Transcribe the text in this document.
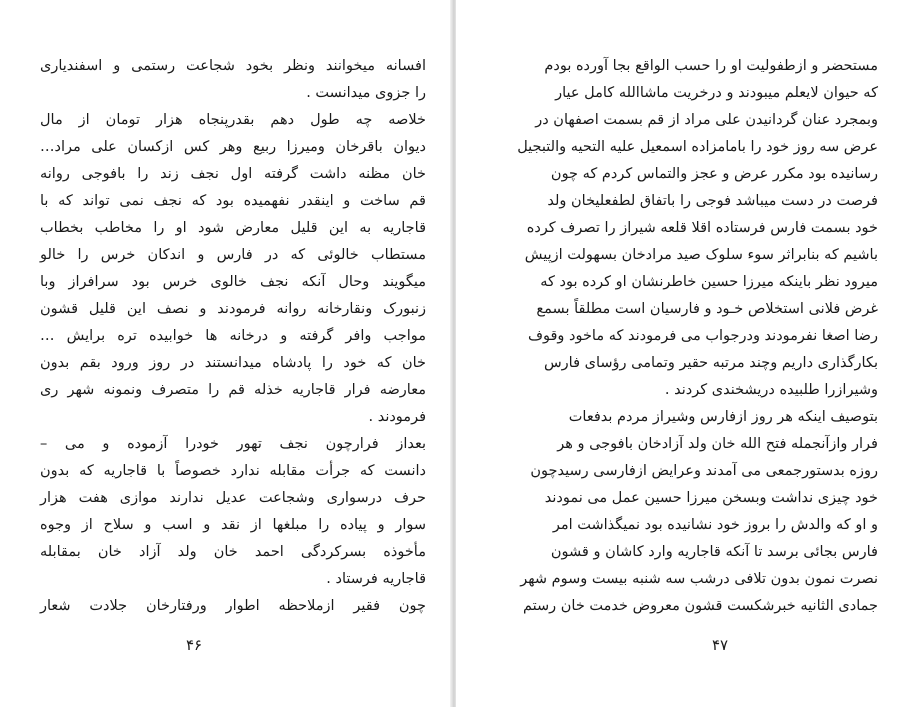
افسانه میخوانند ونظر بخود شجاعت رستمی و اسفندیاری
را جزوی میدانست .
خلاصه چه طول دهم بقدرپنجاه هزار تومان از مال
دیوان باقرخان ومیرزا ربیع وهر کس ازکسان علی مراد…
خان مظنه داشت گرفته اول نجف زند را بافوجی روانه
قم ساخت و اینقدر نفهمیده بود که نجف نمی تواند که با
قاجاریه به این قلیل معارض شود او را مخاطب بخطاب
مستطاب خالوئی که در فارس و اندکان خرس را خالو
میگویند وحال آنکه نجف خالوی خرس بود سرافراز وبا
زنبورک ونقارخانه روانه فرمودند و نصف این قلیل قشون
مواجب وافر گرفته و درخانه ها خوابیده تره برایش …
خان که خود را پادشاه میدانستند در روز ورود بقم بدون
معارضه فرار قاجاریه خذله قم را متصرف ونمونه شهر ری
فرمودند .
بعداز فرارچون نجف تهور خودرا آزموده و می –
دانست که جرأت مقابله ندارد خصوصاً با قاجاریه که بدون
حرف درسواری وشجاعت عدیل ندارند موازی هفت هزار
سوار و پیاده را مبلغها از نقد و اسب و سلاح از وجوه
مأخوذه بسرکردگی احمد خان ولد آزاد خان بمقابله
قاجاریه فرستاد .
چون فقیر ازملاحظه اطوار ورفتارخان جلادت شعار
۴۶
مستحضر و ازطفولیت او را حسب الواقع بجا آورده بودم
که حیوان لایعلم میبودند و درخریت ماشاالله کامل عیار
وبمجرد عنان گردانیدن علی مراد از قم بسمت اصفهان در
عرض سه روز خود را بامامزاده اسمعیل علیه التحیه والتبجیل
رسانیده بود مکرر عرض و عجز والتماس کردم که چون
فرصت در دست میباشد فوجی را باتفاق لطفعلیخان ولد
خود بسمت فارس فرستاده اقلا قلعه شیراز را تصرف کرده
باشیم که بنابراثر سوء سلوک صید مرادخان بسهولت ازپیش
میرود نظر باینکه میرزا حسین خاطرنشان او کرده بود که
غرض فلانی استخلاص خـود و فارسیان است مطلقاً بسمع
رضا اصغا نفرمودند ودرجواب می فرمودند که ماخود وقوف
بکارگذاری داریم وچند مرتبه حقیر وتمامی رؤسای فارس
وشیرازرا طلبیده دریشخندی کردند .
بتوصیف اینکه هر روز ازفارس وشیراز مردم بدفعات
فرار وازآنجمله فتح الله خان ولد آزادخان بافوجی و هر
روزه بدستورجمعی می آمدند وعرایض ازفارسی رسیدچون
خود چیزی نداشت وبسخن میرزا حسین عمل می نمودند
و او که والدش را بروز خود نشانیده بود نمیگذاشت امر
فارس بجائی برسد تا آنکه قاجاریه وارد کاشان و قشون
نصرت نمون بدون تلافی درشب سه شنبه بیست وسوم شهر
جمادی الثانیه خبرشکست قشون معروض خدمت خان رستم
۴۷
